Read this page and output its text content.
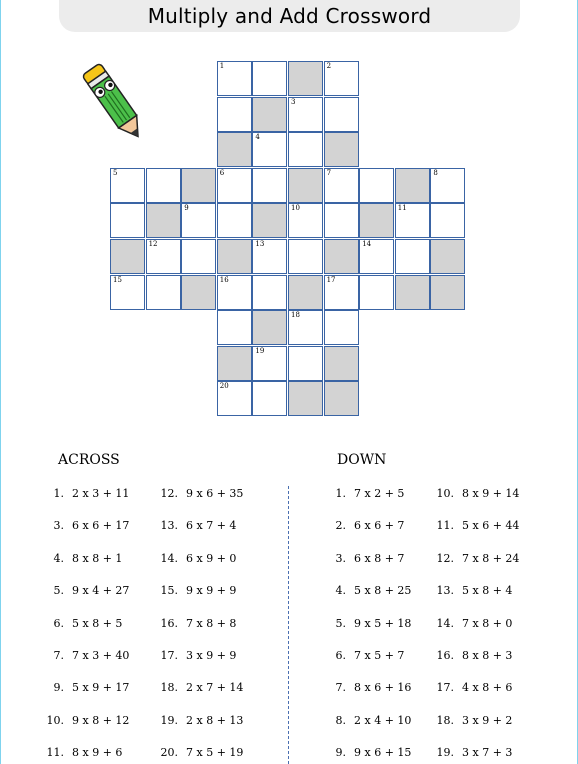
Multiply and Add Crossword
1	2
3
4
5	6	7	8
9	10	11
12	13	14
15	16	17
18
19
20
ACROSS	DOWN
1. 2 x 3 + 11
3. 6 x 6 + 17
4. 8 x 8 + 1
5. 9 x 4 + 27
6. 5 x 8 + 5
7. 7 x 3 + 40
9. 5 x 9 + 17
10. 9 x 8 + 12
11. 8 x 9 + 6
12. 9 x 6 + 35
13. 6 x 7 + 4
14. 6 x 9 + 0
15. 9 x 9 + 9
16. 7 x 8 + 8
17. 3 x 9 + 9
18. 2 x 7 + 14
19. 2 x 8 + 13
20. 7 x 5 + 19
1. 7 x 2 + 5
2. 6 x 6 + 7
3. 6 x 8 + 7
4. 5 x 8 + 25
5. 9 x 5 + 18
6. 7 x 5 + 7
7. 8 x 6 + 16
8. 2 x 4 + 10
9. 9 x 6 + 15
10. 8 x 9 + 14
11. 5 x 6 + 44
12. 7 x 8 + 24
13. 5 x 8 + 4
14. 7 x 8 + 0
16. 8 x 8 + 3
17. 4 x 8 + 6
18. 3 x 9 + 2
19. 3 x 7 + 3
